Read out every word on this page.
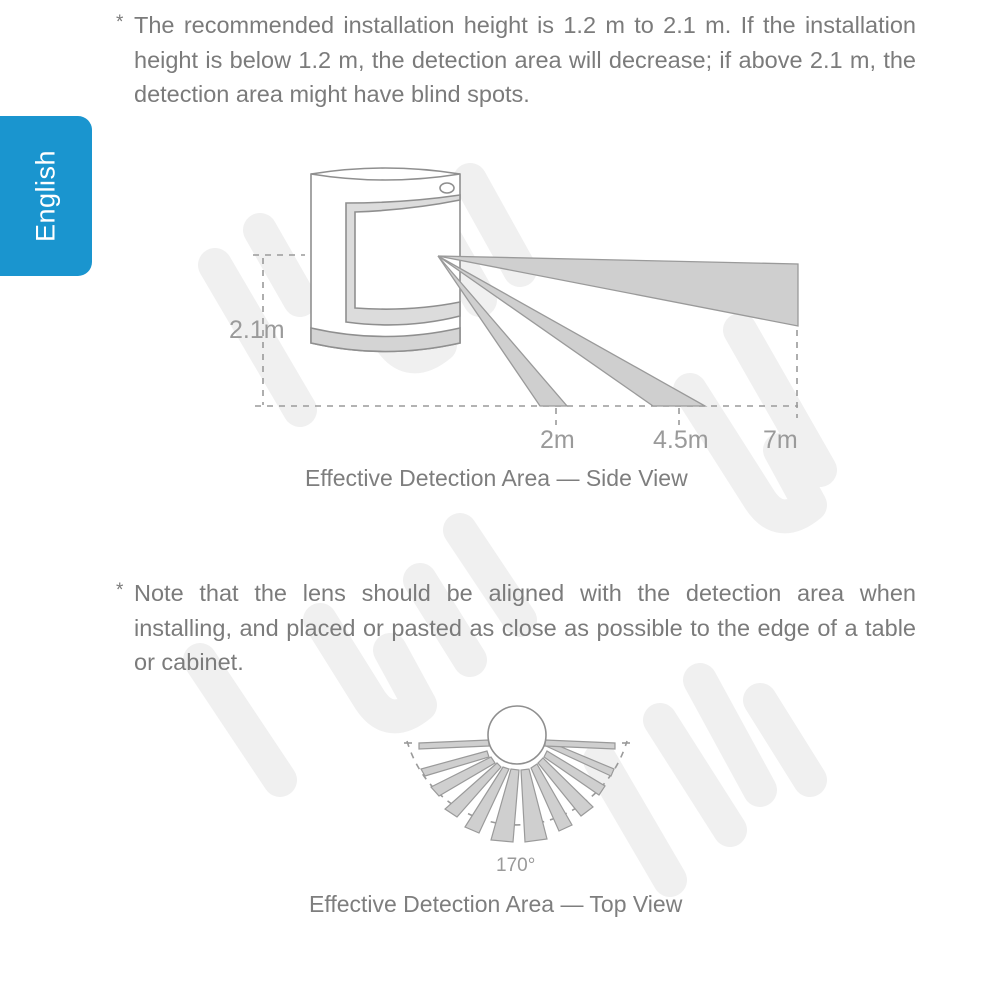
English
* The recommended installation height is 1.2 m to 2.1 m. If the installation height is below 1.2 m, the detection area will decrease; if above 2.1 m, the detection area might have blind spots.
2.1m
2m	4.5m 7m
Effective Detection Area — Side View
* Note that the lens should be aligned with the detection area when installing, and placed or pasted as close as possible to the edge of a table or cabinet.
170°
Effective Detection Area — Top View
